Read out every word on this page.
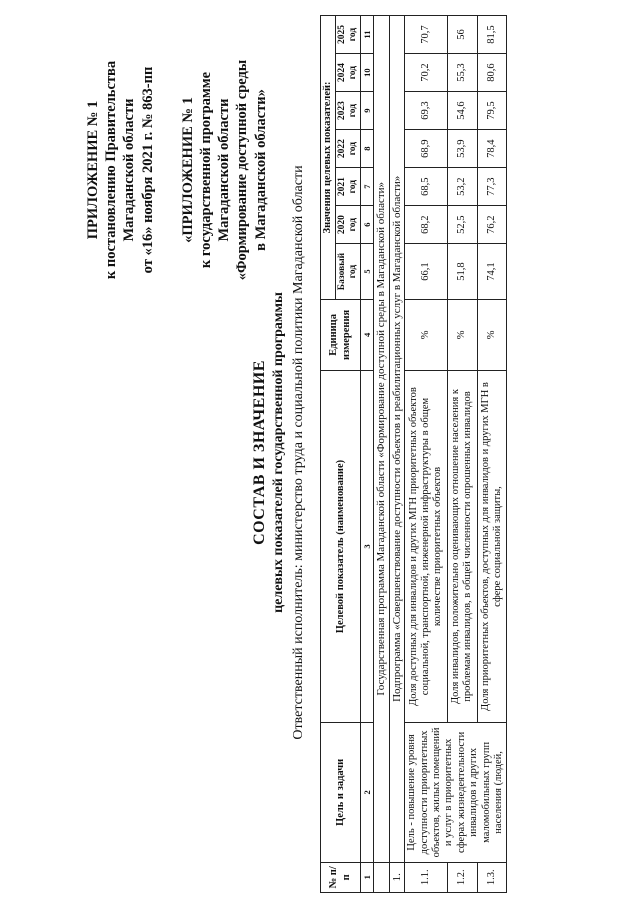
ПРИЛОЖЕНИЕ № 1 к постановлению Правительства Магаданской области от «16» ноября 2021 г. № 863-пп «ПРИЛОЖЕНИЕ № 1 к государственной программе Магаданской области «Формирование доступной среды в Магаданской области»
СОСТАВ И ЗНАЧЕНИЕ целевых показателей государственной программы Ответственный исполнитель: министерство труда и социальной политики Магаданской области
№ п/п	Цель и задачи	Целевой показатель (наименование)	Единица измерения	Значения целевых показателей:						
				Базовый год	2020 год	2021 год	2022 год	2023 год	2024 год	2025 год
1	2	3	4	5	6	7	8	9	10	11
	Государственная программа Магаданской области «Формирование доступной среды в Магаданской области»									
1.	Подпрограмма «Совершенствование доступности объектов и реабилитационных услуг в Магаданской области»									
1.1.	Цель - повышение уровня доступности приоритетных объектов, жилых помещений и услуг в приоритетных сферах жизнедеятельности инвалидов и других маломобильных групп населения (людей,	Доля доступных для инвалидов и других МГН приоритетных объектов социальной, транспортной, инженерной инфраструктуры в общем количестве приоритетных объектов	%	66,1	68,2	68,5	68,9	69,3	70,2	70,7
1.2.		Доля инвалидов, положительно оценивающих отношение населения к проблемам инвалидов, в общей численности опрошенных инвалидов	%	51,8	52,5	53,2	53,9	54,6	55,3	56
1.3.		Доля приоритетных объектов, доступных для инвалидов и других МГН в сфере социальной защиты,	%	74,1	76,2	77,3	78,4	79,5	80,6	81,5
